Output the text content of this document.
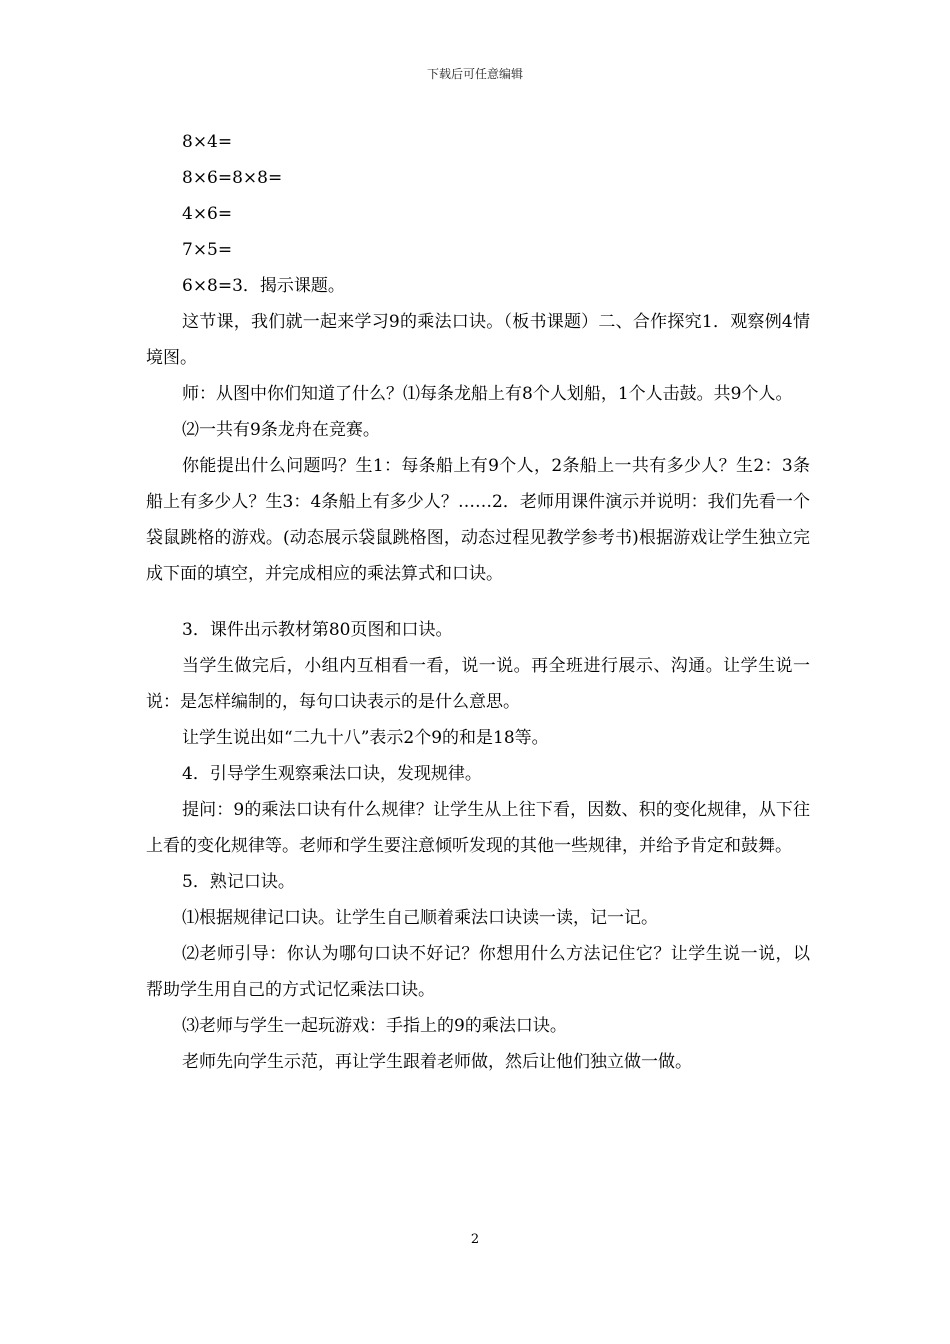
下载后可任意编辑

8×4=

8×6=8×8=

4×6=

7×5=

6×8=3．揭示课题。

这节课，我们就一起来学习9的乘法口诀。（板书课题）二、合作探究1．观察例4情境图。

师：从图中你们知道了什么？⑴每条龙船上有8个人划船，1个人击鼓。共9个人。

⑵一共有9条龙舟在竞赛。

你能提出什么问题吗？生1：每条船上有9个人，2条船上一共有多少人？生2：3条船上有多少人？生3：4条船上有多少人？……2．老师用课件演示并说明：我们先看一个袋鼠跳格的游戏。(动态展示袋鼠跳格图，动态过程见教学参考书)根据游戏让学生独立完成下面的填空，并完成相应的乘法算式和口诀。

3．课件出示教材第80页图和口诀。

当学生做完后，小组内互相看一看，说一说。再全班进行展示、沟通。让学生说一说：是怎样编制的，每句口诀表示的是什么意思。

让学生说出如“二九十八”表示2个9的和是18等。

4．引导学生观察乘法口诀，发现规律。

提问：9的乘法口诀有什么规律？让学生从上往下看，因数、积的变化规律，从下往上看的变化规律等。老师和学生要注意倾听发现的其他一些规律，并给予肯定和鼓舞。

5．熟记口诀。

⑴根据规律记口诀。让学生自己顺着乘法口诀读一读，记一记。

⑵老师引导：你认为哪句口诀不好记？你想用什么方法记住它？让学生说一说，以帮助学生用自己的方式记忆乘法口诀。

⑶老师与学生一起玩游戏：手指上的9的乘法口诀。

老师先向学生示范，再让学生跟着老师做，然后让他们独立做一做。

2
